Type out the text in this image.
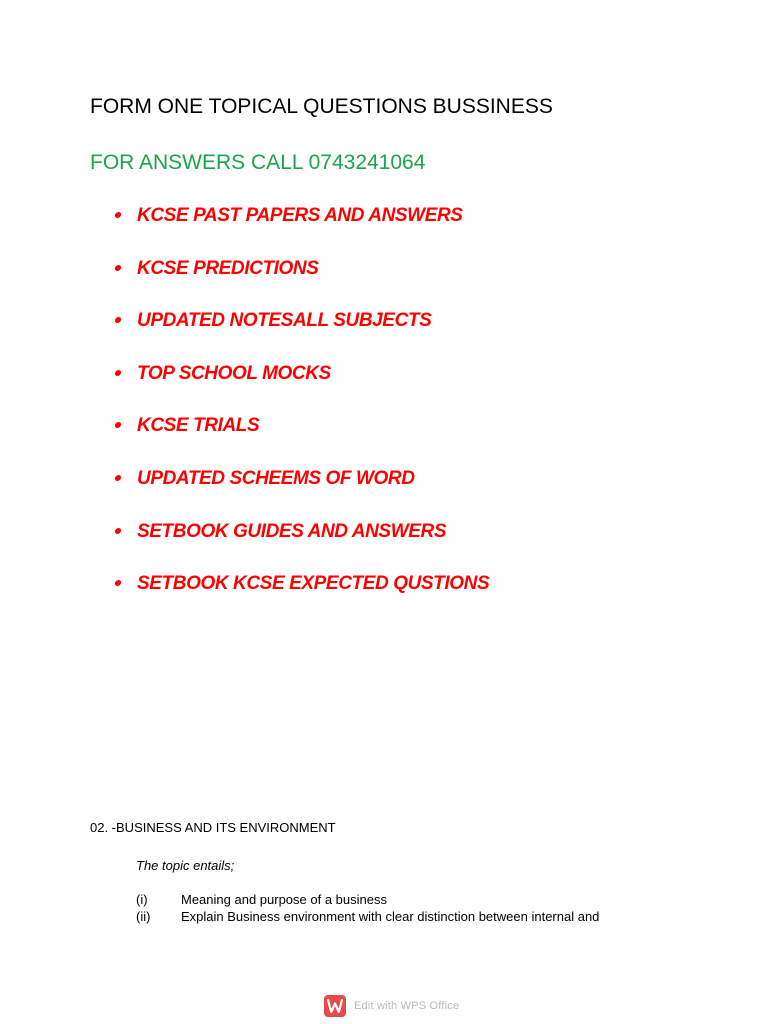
FORM ONE TOPICAL QUESTIONS BUSSINESS
FOR ANSWERS CALL 0743241064
KCSE PAST PAPERS AND ANSWERS
KCSE PREDICTIONS
UPDATED NOTESALL SUBJECTS
TOP SCHOOL MOCKS
KCSE TRIALS
UPDATED SCHEEMS OF WORD
SETBOOK GUIDES AND ANSWERS
SETBOOK KCSE EXPECTED QUSTIONS
02. -BUSINESS AND ITS ENVIRONMENT
The topic entails;
(i)	Meaning and purpose of a business
(ii) Explain Business environment with clear distinction between internal and
Edit with WPS Office
